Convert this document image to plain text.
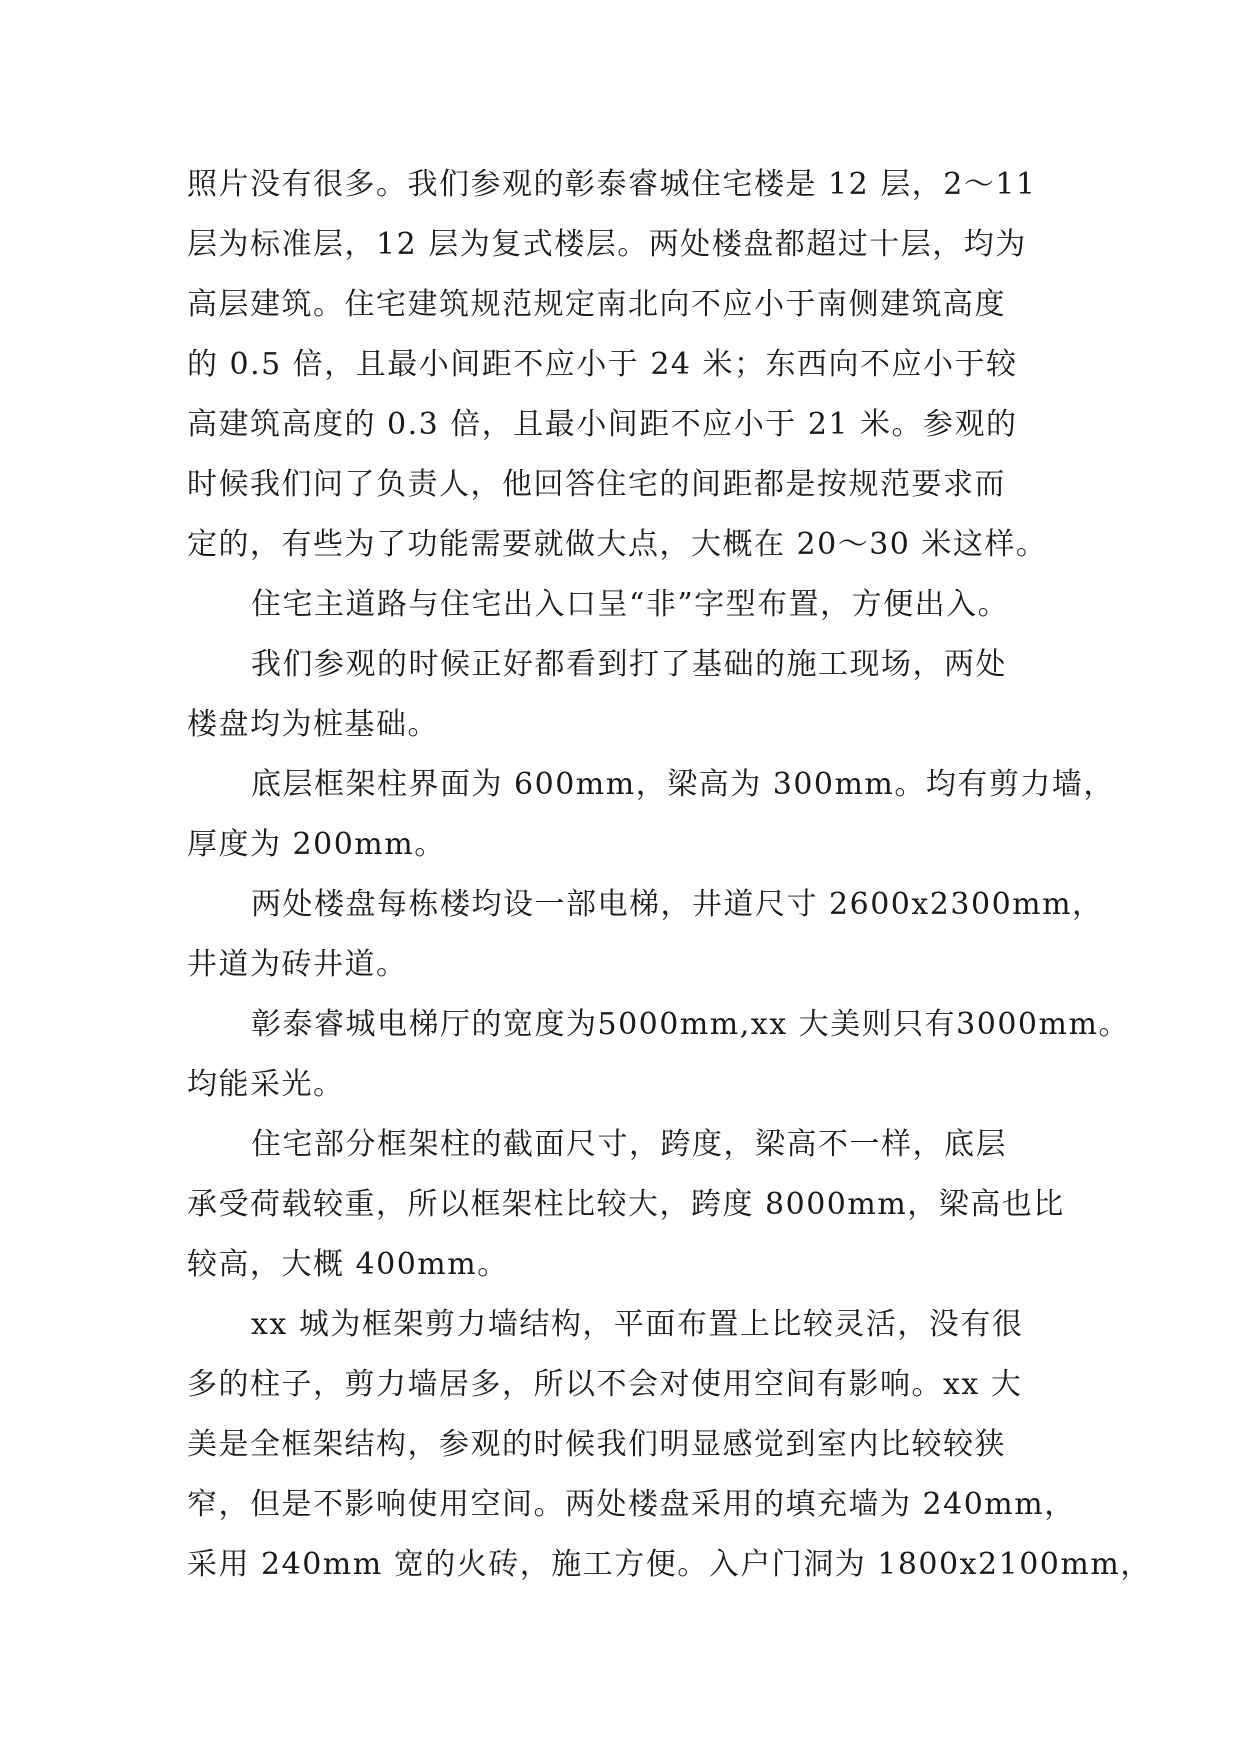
照片没有很多。我们参观的彰泰睿城住宅楼是 12 层，2～11
层为标准层，12 层为复式楼层。两处楼盘都超过十层，均为
高层建筑。住宅建筑规范规定南北向不应小于南侧建筑高度
的 0.5 倍，且最小间距不应小于 24 米；东西向不应小于较
高建筑高度的 0.3 倍，且最小间距不应小于 21 米。参观的
时候我们问了负责人，他回答住宅的间距都是按规范要求而
定的，有些为了功能需要就做大点，大概在 20～30 米这样。
住宅主道路与住宅出入口呈“非”字型布置，方便出入。
我们参观的时候正好都看到打了基础的施工现场，两处
楼盘均为桩基础。
底层框架柱界面为 600mm，梁高为 300mm。均有剪力墙，
厚度为 200mm。
两处楼盘每栋楼均设一部电梯，井道尺寸 2600x2300mm，
井道为砖井道。
彰泰睿城电梯厅的宽度为5000mm,xx 大美则只有3000mm。
均能采光。
住宅部分框架柱的截面尺寸，跨度，梁高不一样，底层
承受荷载较重，所以框架柱比较大，跨度 8000mm，梁高也比
较高，大概 400mm。
xx 城为框架剪力墙结构，平面布置上比较灵活，没有很
多的柱子，剪力墙居多，所以不会对使用空间有影响。xx 大
美是全框架结构，参观的时候我们明显感觉到室内比较较狭
窄，但是不影响使用空间。两处楼盘采用的填充墙为 240mm，
采用 240mm 宽的火砖，施工方便。入户门洞为 1800x2100mm，
